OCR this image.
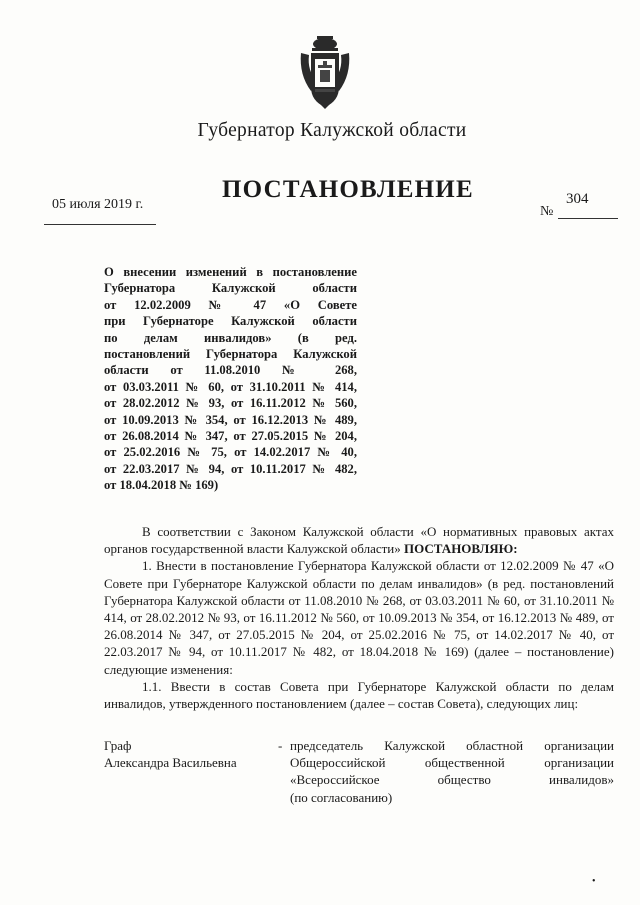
Губернатор Калужской области
ПОСТАНОВЛЕНИЕ
05 июля 2019 г.	№
304
О внесении изменений в постановление
Губернатора Калужской области
от 12.02.2009 № 47 «О Совете
при Губернаторе Калужской области
по делам инвалидов» (в ред.
постановлений Губернатора Калужской
области от 11.08.2010 № 268,
от 03.03.2011 № 60, от 31.10.2011 № 414,
от 28.02.2012 № 93, от 16.11.2012 № 560,
от 10.09.2013 № 354, от 16.12.2013 № 489,
от 26.08.2014 № 347, от 27.05.2015 № 204,
от 25.02.2016 № 75, от 14.02.2017 № 40,
от 22.03.2017 № 94, от 10.11.2017 № 482,
от 18.04.2018 № 169)

В соответствии с Законом Калужской области «О нормативных правовых актах органов государственной власти Калужской области» ПОСТАНОВЛЯЮ:

1. Внести в постановление Губернатора Калужской области от 12.02.2009 № 47 «О Совете при Губернаторе Калужской области по делам инвалидов» (в ред. постановлений Губернатора Калужской области от 11.08.2010 № 268, от 03.03.2011 № 60, от 31.10.2011 № 414, от 28.02.2012 № 93, от 16.11.2012 № 560, от 10.09.2013 № 354, от 16.12.2013 № 489, от 26.08.2014 № 347, от 27.05.2015 № 204, от 25.02.2016 № 75, от 14.02.2017 № 40, от 22.03.2017 № 94, от 10.11.2017 № 482, от 18.04.2018 № 169) (далее – постановление) следующие изменения:

1.1. Ввести в состав Совета при Губернаторе Калужской области по делам инвалидов, утвержденного постановлением (далее – состав Совета), следующих лиц:

Граф
Александра Васильевна
- председатель Калужской областной организации
Общероссийской общественной организации
«Всероссийское общество инвалидов»
(по согласованию)
•
